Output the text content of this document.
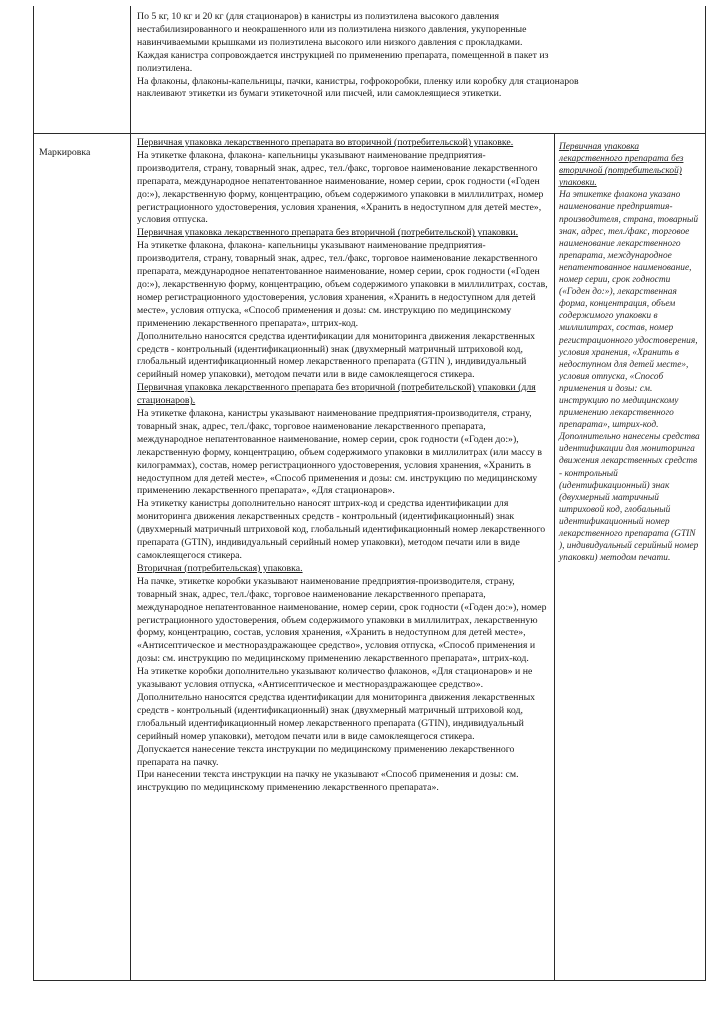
По 5 кг, 10 кг и 20 кг (для стационаров) в канистры из полиэтилена высокого давления нестабилизированного и неокрашенного или из полиэтилена низкого давления, укупоренные навинчиваемыми крышками из полиэтилена высокого или низкого давления с прокладками.

Каждая канистра сопровождается инструкцией по применению препарата, помещенной в пакет из полиэтилена.

На флаконы, флаконы-капельницы, пачки, канистры, гофрокоробки, пленку или коробку для стационаров наклеивают этикетки из бумаги этикеточной или писчей, или самоклеящиеся этикетки.

Маркировка

Первичная упаковка лекарственного препарата во вторичной (потребительской) упаковке.

На этикетке флакона, флакона- капельницы указывают наименование предприятия-производителя, страну, товарный знак, адрес, тел./факс, торговое наименование лекарственного препарата, международное непатентованное наименование, номер серии, срок годности («Годен до:»), лекарственную форму, концентрацию, объем содержимого упаковки в миллилитрах, номер регистрационного удостоверения, условия хранения, «Хранить в недоступном для детей месте», условия отпуска.

Первичная упаковка лекарственного препарата без вторичной (потребительской) упаковки.

На этикетке флакона, флакона- капельницы указывают наименование предприятия-производителя, страну, товарный знак, адрес, тел./факс, торговое наименование лекарственного препарата, международное непатентованное наименование, номер серии, срок годности («Годен до:»), лекарственную форму, концентрацию, объем содержимого упаковки в миллилитрах, состав, номер регистрационного удостоверения, условия хранения, «Хранить в недоступном для детей месте», условия отпуска, «Способ применения и дозы: см. инструкцию по медицинскому применению лекарственного препарата», штрих-код.

Дополнительно наносятся средства идентификации для мониторинга движения лекарственных средств - контрольный (идентификационный) знак (двухмерный матричный штриховой код, глобальный идентификационный номер лекарственного препарата (GTIN ), индивидуальный серийный номер упаковки), методом печати или в виде самоклеящегося стикера.

Первичная упаковка лекарственного препарата без вторичной (потребительской) упаковки (для стационаров).

На этикетке флакона, канистры указывают наименование предприятия-производителя, страну, товарный знак, адрес, тел./факс, торговое наименование лекарственного препарата, международное непатентованное наименование, номер серии, срок годности («Годен до:»), лекарственную форму, концентрацию, объем содержимого упаковки в миллилитрах (или массу в килограммах), состав, номер регистрационного удостоверения, условия хранения, «Хранить в недоступном для детей месте», «Способ применения и дозы: см. инструкцию по медицинскому применению лекарственного препарата», «Для стационаров».

На этикетку канистры дополнительно наносят штрих-код и средства идентификации для мониторинга движения лекарственных средств - контрольный (идентификационный) знак (двухмерный матричный штриховой код, глобальный идентификационный номер лекарственного препарата (GTIN), индивидуальный серийный номер упаковки), методом печати или в виде самоклеящегося стикера.

Вторичная (потребительская) упаковка.

На пачке, этикетке коробки указывают наименование предприятия-производителя, страну, товарный знак, адрес, тел./факс, торговое наименование лекарственного препарата, международное непатентованное наименование, номер серии, срок годности («Годен до:»), номер регистрационного удостоверения, объем содержимого упаковки в миллилитрах, лекарственную форму, концентрацию, состав, условия хранения, «Хранить в недоступном для детей месте», «Антисептическое и местнораздражающее средство», условия отпуска, «Способ применения и дозы: см. инструкцию по медицинскому применению лекарственного препарата», штрих-код.

На этикетке коробки дополнительно указывают количество флаконов, «Для стационаров» и не указывают условия отпуска, «Антисептическое и местнораздражающее средство».

Дополнительно наносятся средства идентификации для мониторинга движения лекарственных средств - контрольный (идентификационный) знак (двухмерный матричный штриховой код, глобальный идентификационный номер лекарственного препарата (GTIN), индивидуальный серийный номер упаковки), методом печати или в виде самоклеящегося стикера.

Допускается нанесение текста инструкции по медицинскому применению лекарственного препарата на пачку.

При нанесении текста инструкции на пачку не указывают «Способ применения и дозы: см. инструкцию по медицинскому применению лекарственного препарата».

Первичная упаковка лекарственного препарата без вторичной (потребительской) упаковки.

На этикетке флакона указано наименование предприятия-производителя, страна, товарный знак, адрес, тел./факс, торговое наименование лекарственного препарата, международное непатентованное наименование, номер серии, срок годности («Годен до:»), лекарственная форма, концентрация, объем содержимого упаковки в миллилитрах, состав, номер регистрационного удостоверения, условия хранения, «Хранить в недоступном для детей месте», условия отпуска, «Способ применения и дозы: см. инструкцию по медицинскому применению лекарственного препарата», штрих-код. Дополнительно нанесены средства идентификации для мониторинга движения лекарственных средств - контрольный (идентификационный) знак (двухмерный матричный штриховой код, глобальный идентификационный номер лекарственного препарата (GTIN ), индивидуальный серийный номер упаковки) методом печати.
